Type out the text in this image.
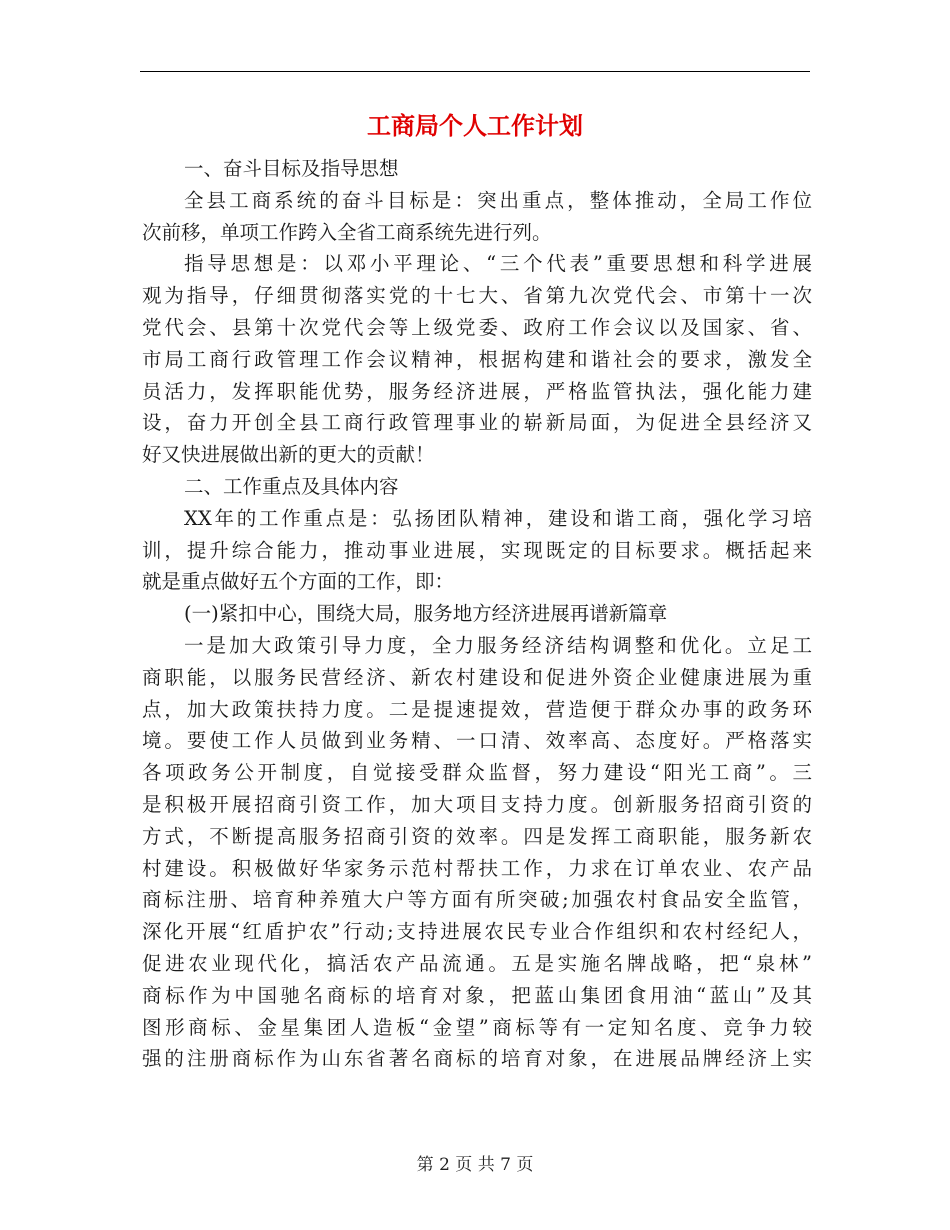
工商局个人工作计划
一、奋斗目标及指导思想
全县工商系统的奋斗目标是：突出重点，整体推动，全局工作位
次前移，单项工作跨入全省工商系统先进行列。
指导思想是：以邓小平理论、“三个代表”重要思想和科学进展
观为指导，仔细贯彻落实党的十七大、省第九次党代会、市第十一次
党代会、县第十次党代会等上级党委、政府工作会议以及国家、省、
市局工商行政管理工作会议精神，根据构建和谐社会的要求，激发全
员活力，发挥职能优势，服务经济进展，严格监管执法，强化能力建
设，奋力开创全县工商行政管理事业的崭新局面，为促进全县经济又
好又快进展做出新的更大的贡献！
二、工作重点及具体内容
XX年的工作重点是：弘扬团队精神，建设和谐工商，强化学习培
训，提升综合能力，推动事业进展，实现既定的目标要求。概括起来
就是重点做好五个方面的工作，即：
(一)紧扣中心，围绕大局，服务地方经济进展再谱新篇章
一是加大政策引导力度，全力服务经济结构调整和优化。立足工
商职能，以服务民营经济、新农村建设和促进外资企业健康进展为重
点，加大政策扶持力度。二是提速提效，营造便于群众办事的政务环
境。要使工作人员做到业务精、一口清、效率高、态度好。严格落实
各项政务公开制度，自觉接受群众监督，努力建设“阳光工商”。三
是积极开展招商引资工作，加大项目支持力度。创新服务招商引资的
方式，不断提高服务招商引资的效率。四是发挥工商职能，服务新农
村建设。积极做好华家务示范村帮扶工作，力求在订单农业、农产品
商标注册、培育种养殖大户等方面有所突破;加强农村食品安全监管，
深化开展“红盾护农”行动;支持进展农民专业合作组织和农村经纪人，
促进农业现代化，搞活农产品流通。五是实施名牌战略，把“泉林”
商标作为中国驰名商标的培育对象，把蓝山集团食用油“蓝山”及其
图形商标、金星集团人造板“金望”商标等有一定知名度、竞争力较
强的注册商标作为山东省著名商标的培育对象，在进展品牌经济上实
第 2 页 共 7 页
